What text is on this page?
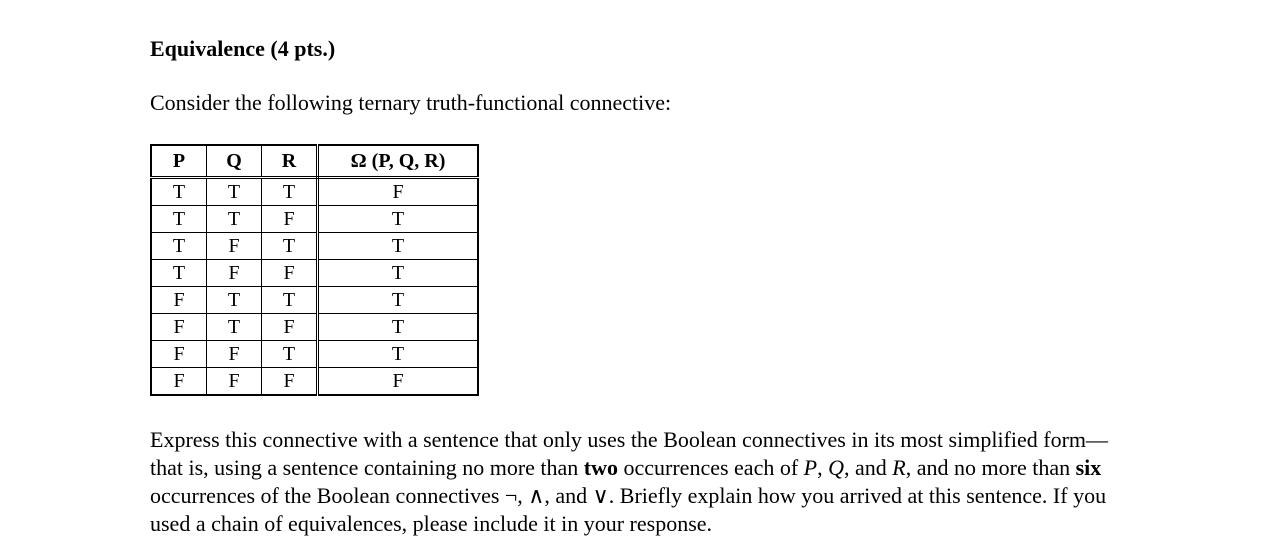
Equivalence (4 pts.)

Consider the following ternary truth-functional connective:

P	Q	R	Ω (P, Q, R)
T	T	T	F
T	T	F	T
T	F	T	T
T	F	F	T
F	T	T	T
F	T	F	T
F	F	T	T
F	F	F	F

Express this connective with a sentence that only uses the Boolean connectives in its most simplified form—that is, using a sentence containing no more than two occurrences each of P, Q, and R, and no more than six occurrences of the Boolean connectives ¬, ∧, and ∨. Briefly explain how you arrived at this sentence. If you used a chain of equivalences, please include it in your response.
